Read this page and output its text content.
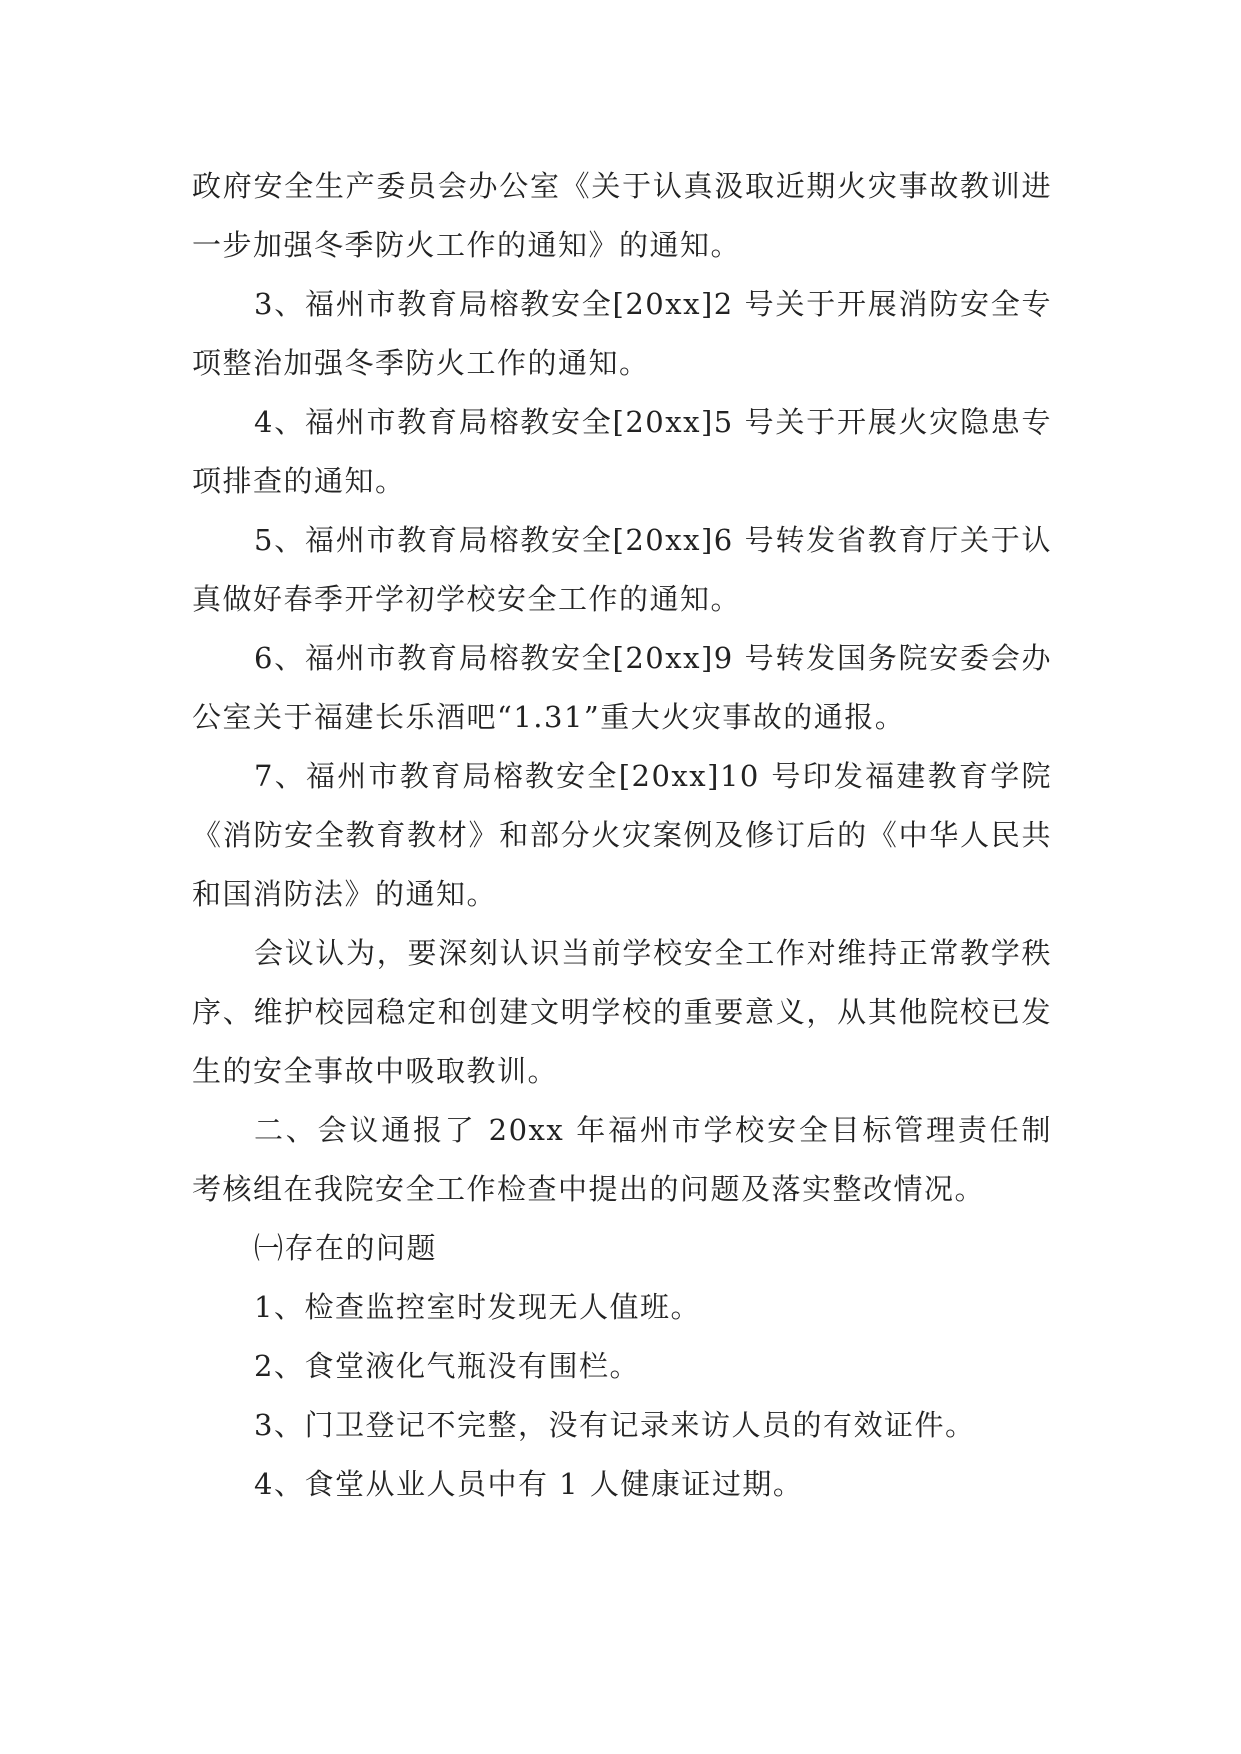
政府安全生产委员会办公室《关于认真汲取近期火灾事故教训进一步加强冬季防火工作的通知》的通知。

3、福州市教育局榕教安全[20xx]2 号关于开展消防安全专项整治加强冬季防火工作的通知。

4、福州市教育局榕教安全[20xx]5 号关于开展火灾隐患专项排查的通知。

5、福州市教育局榕教安全[20xx]6 号转发省教育厅关于认真做好春季开学初学校安全工作的通知。

6、福州市教育局榕教安全[20xx]9 号转发国务院安委会办公室关于福建长乐酒吧“1.31”重大火灾事故的通报。

7、福州市教育局榕教安全[20xx]10 号印发福建教育学院《消防安全教育教材》和部分火灾案例及修订后的《中华人民共和国消防法》的通知。

会议认为，要深刻认识当前学校安全工作对维持正常教学秩序、维护校园稳定和创建文明学校的重要意义，从其他院校已发生的安全事故中吸取教训。

二、会议通报了 20xx 年福州市学校安全目标管理责任制考核组在我院安全工作检查中提出的问题及落实整改情况。

㈠存在的问题

1、检查监控室时发现无人值班。

2、食堂液化气瓶没有围栏。

3、门卫登记不完整，没有记录来访人员的有效证件。

4、食堂从业人员中有 1 人健康证过期。
